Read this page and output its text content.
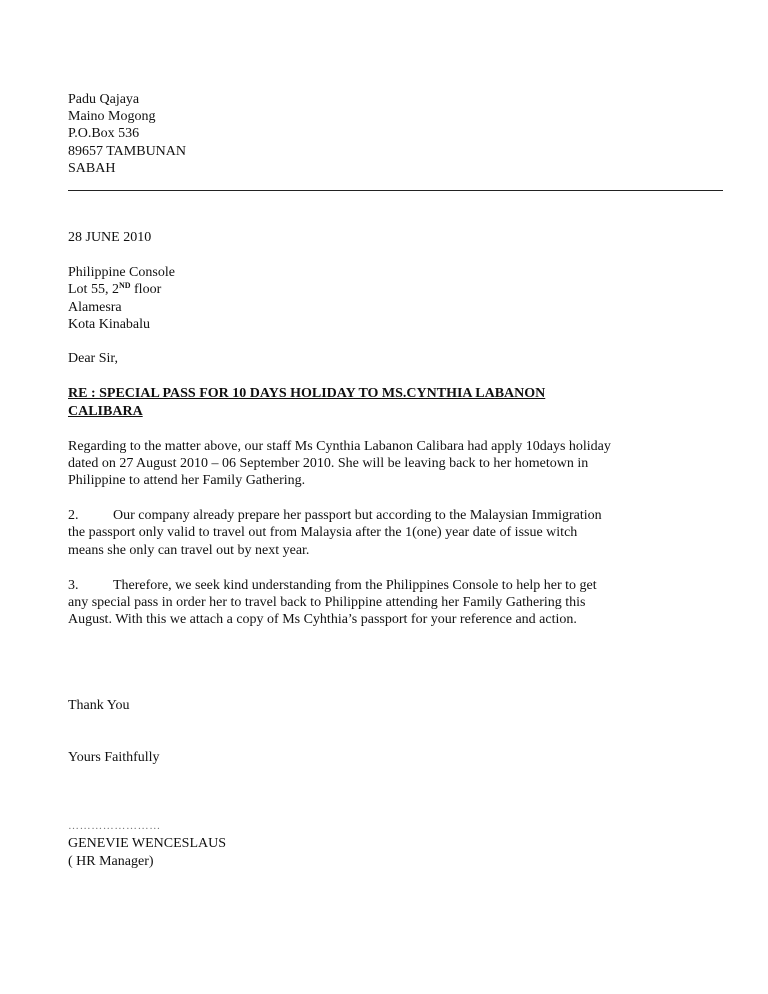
Padu Qajaya
Maino Mogong
P.O.Box 536
89657 TAMBUNAN
SABAH
28 JUNE 2010
Philippine Console
Lot 55, 2ND floor
Alamesra
Kota Kinabalu
Dear Sir,
RE : SPECIAL PASS FOR 10 DAYS HOLIDAY TO MS.CYNTHIA LABANON
CALIBARA
Regarding to the matter above, our staff Ms Cynthia Labanon Calibara had apply 10days holiday
dated on 27 August 2010 – 06 September 2010. She will be leaving back to her hometown in
Philippine to attend her Family Gathering.
2. Our company already prepare her passport but according to the Malaysian Immigration
the passport only valid to travel out from Malaysia after the 1(one) year date of issue witch
means she only can travel out by next year.
3. Therefore, we seek kind understanding from the Philippines Console to help her to get
any special pass in order her to travel back to Philippine attending her Family Gathering this
August. With this we attach a copy of Ms Cyhthia’s passport for your reference and action.
Thank You
Yours Faithfully
……………………
GENEVIE WENCESLAUS
( HR Manager)
